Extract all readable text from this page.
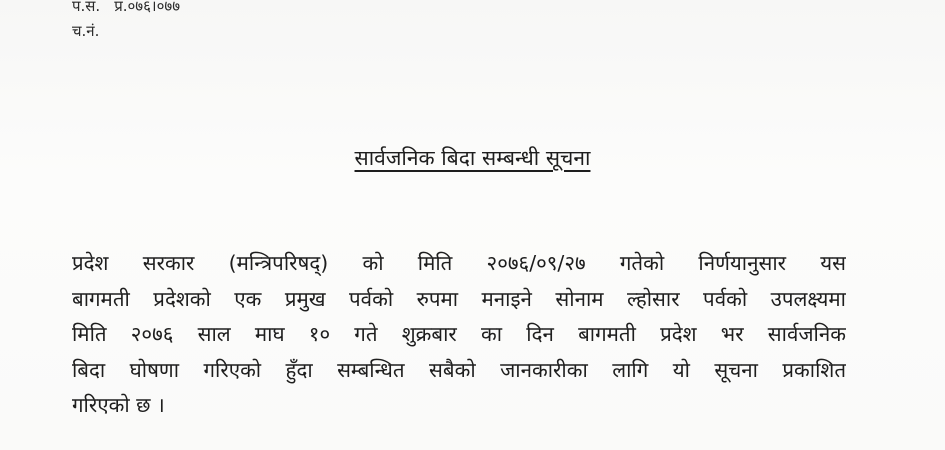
प.स. प्र.०७६।०७७
च.नं.
सार्वजनिक बिदा सम्बन्धी सूचना
प्रदेश सरकार (मन्त्रिपरिषद्) को मिति २०७६/०९/२७ गतेको निर्णयानुसार यस
बागमती प्रदेशको एक प्रमुख पर्वको रुपमा मनाइने सोनाम ल्होसार पर्वको उपलक्ष्यमा
मिति २०७६ साल माघ १० गते शुक्रबार का दिन बागमती प्रदेश भर सार्वजनिक
बिदा घोषणा गरिएको हुँदा सम्बन्धित सबैको जानकारीका लागि यो सूचना प्रकाशित
गरिएको छ ।
